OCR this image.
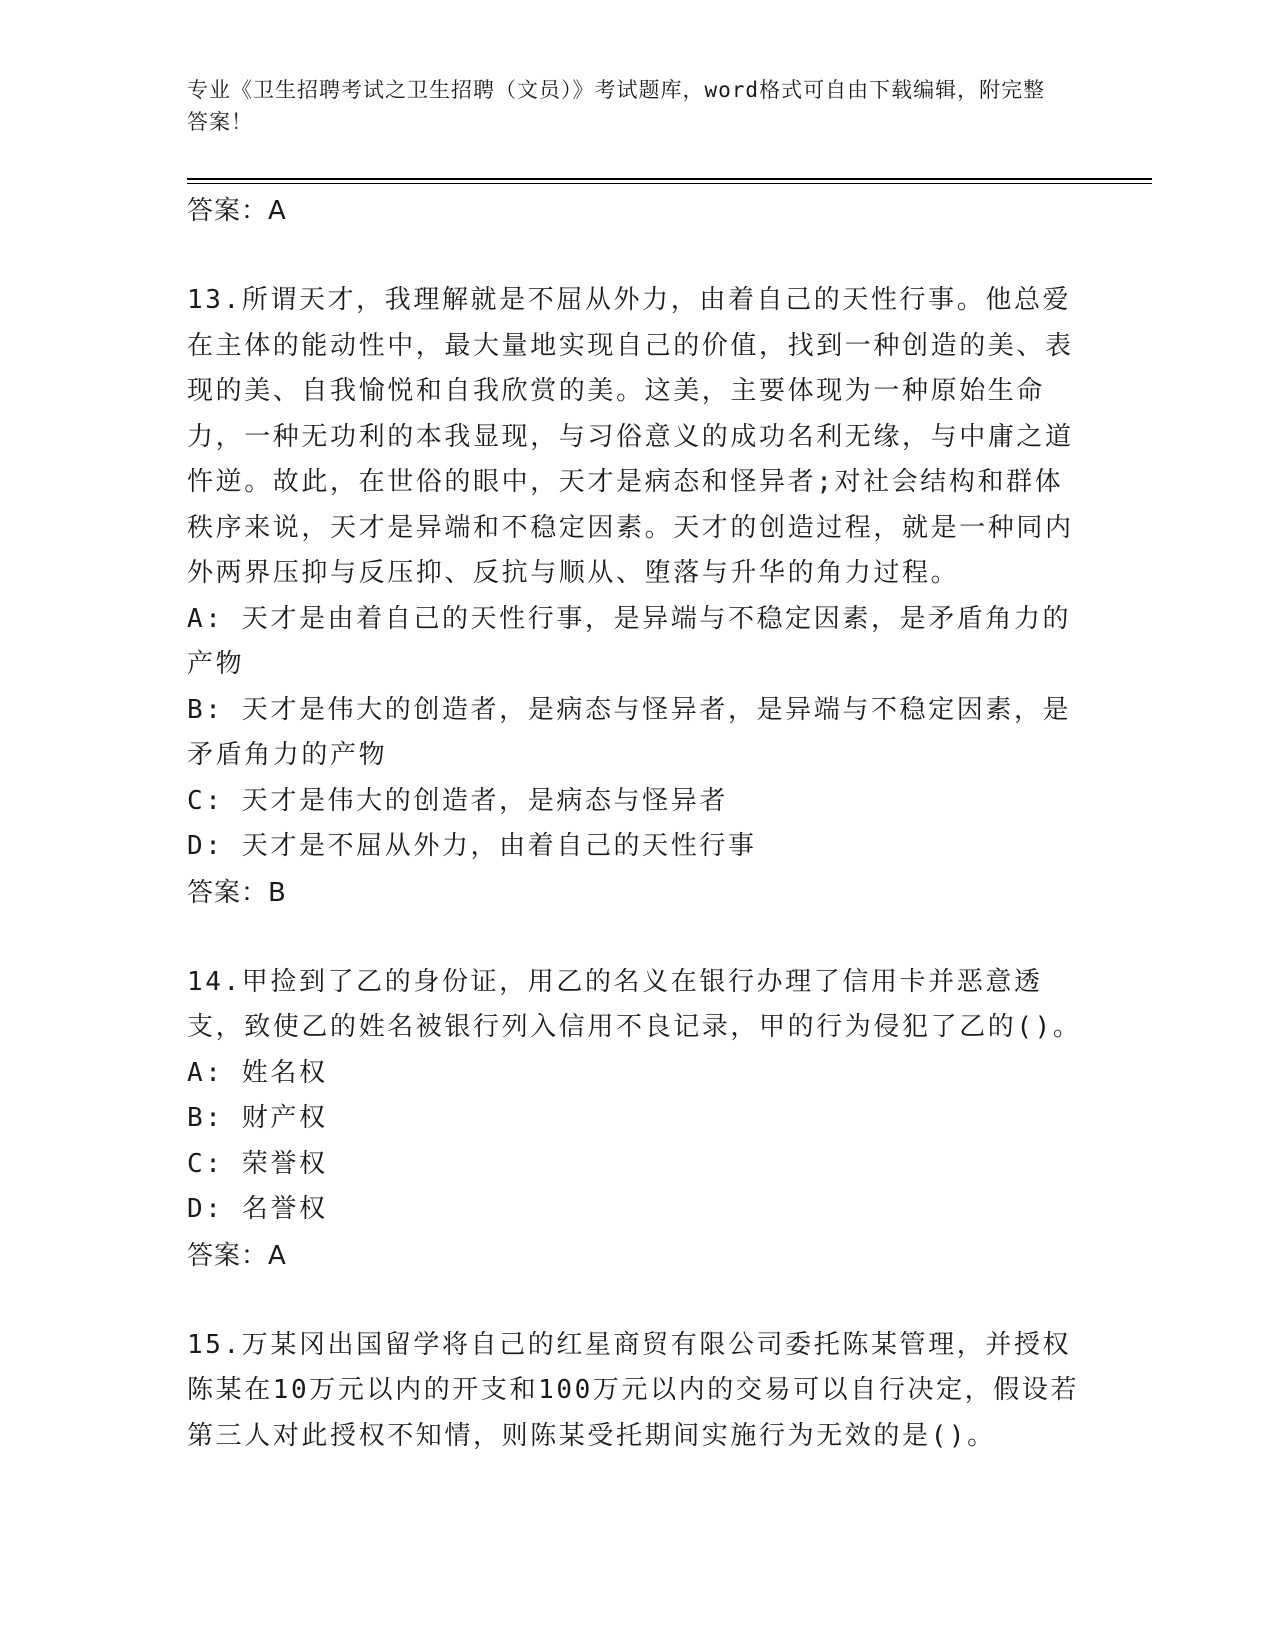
专业《卫生招聘考试之卫生招聘（文员）》考试题库，word格式可自由下载编辑，附完整答案！
答案：A

13.所谓天才，我理解就是不屈从外力，由着自己的天性行事。他总爱在主体的能动性中，最大量地实现自己的价值，找到一种创造的美、表现的美、自我愉悦和自我欣赏的美。这美，主要体现为一种原始生命力，一种无功利的本我显现，与习俗意义的成功名利无缘，与中庸之道忤逆。故此，在世俗的眼中，天才是病态和怪异者;对社会结构和群体秩序来说，天才是异端和不稳定因素。天才的创造过程，就是一种同内外两界压抑与反压抑、反抗与顺从、堕落与升华的角力过程。

A: 天才是由着自己的天性行事，是异端与不稳定因素，是矛盾角力的产物

B: 天才是伟大的创造者，是病态与怪异者，是异端与不稳定因素，是矛盾角力的产物

C: 天才是伟大的创造者，是病态与怪异者

D: 天才是不屈从外力，由着自己的天性行事

答案：B

14.甲捡到了乙的身份证，用乙的名义在银行办理了信用卡并恶意透支，致使乙的姓名被银行列入信用不良记录，甲的行为侵犯了乙的()。

A: 姓名权

B: 财产权

C: 荣誉权

D: 名誉权

答案：A

15.万某冈出国留学将自己的红星商贸有限公司委托陈某管理，并授权陈某在10万元以内的开支和100万元以内的交易可以自行决定，假设若第三人对此授权不知情，则陈某受托期间实施行为无效的是()。
